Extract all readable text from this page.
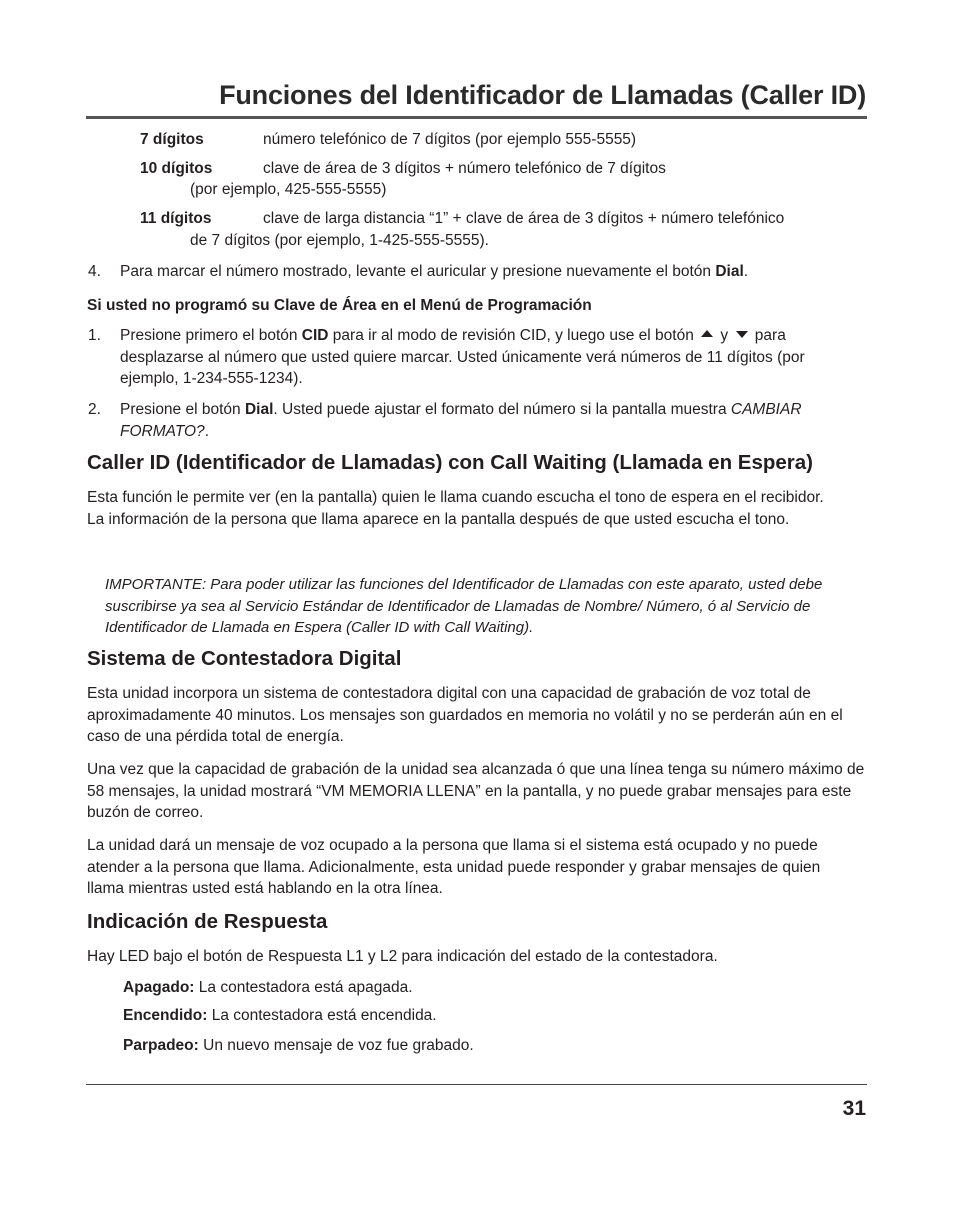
Funciones del Identificador de Llamadas (Caller ID)
7 dígitos	número telefónico de 7 dígitos (por ejemplo 555-5555)
10 dígitos	clave de área de 3 dígitos + número telefónico de 7 dígitos
(por ejemplo, 425-555-5555)
11 dígitos	clave de larga distancia “1” + clave de área de 3 dígitos + número telefónico
de 7 dígitos (por ejemplo, 1-425-555-5555).
4. Para marcar el número mostrado, levante el auricular y presione nuevamente el botón Dial.
Si usted no programó su Clave de Área en el Menú de Programación
1. Presione primero el botón CID para ir al modo de revisión CID, y luego use el botón  y  para desplazarse al número que usted quiere marcar. Usted únicamente verá números de 11 dígitos (por ejemplo, 1-234-555-1234).
2. Presione el botón Dial. Usted puede ajustar el formato del número si la pantalla muestra CAMBIAR FORMATO?.
Caller ID (Identificador de Llamadas) con Call Waiting (Llamada en Espera)
Esta función le permite ver (en la pantalla) quien le llama cuando escucha el tono de espera en el recibidor. La información de la persona que llama aparece en la pantalla después de que usted escucha el tono.
IMPORTANTE: Para poder utilizar las funciones del Identificador de Llamadas con este aparato, usted debe suscribirse ya sea al Servicio Estándar de Identificador de Llamadas de Nombre/ Número, ó al Servicio de Identificador de Llamada en Espera (Caller ID with Call Waiting).
Sistema de Contestadora Digital
Esta unidad incorpora un sistema de contestadora digital con una capacidad de grabación de voz total de aproximadamente 40 minutos. Los mensajes son guardados en memoria no volátil y no se perderán aún en el caso de una pérdida total de energía.
Una vez que la capacidad de grabación de la unidad sea alcanzada ó que una línea tenga su número máximo de 58 mensajes, la unidad mostrará “VM MEMORIA LLENA” en la pantalla, y no puede grabar mensajes para este buzón de correo.
La unidad dará un mensaje de voz ocupado a la persona que llama si el sistema está ocupado y no puede atender a la persona que llama. Adicionalmente, esta unidad puede responder y grabar mensajes de quien llama mientras usted está hablando en la otra línea.
Indicación de Respuesta
Hay LED bajo el botón de Respuesta L1 y L2 para indicación del estado de la contestadora.
Apagado: La contestadora está apagada.
Encendido: La contestadora está encendida.
Parpadeo: Un nuevo mensaje de voz fue grabado.
31
